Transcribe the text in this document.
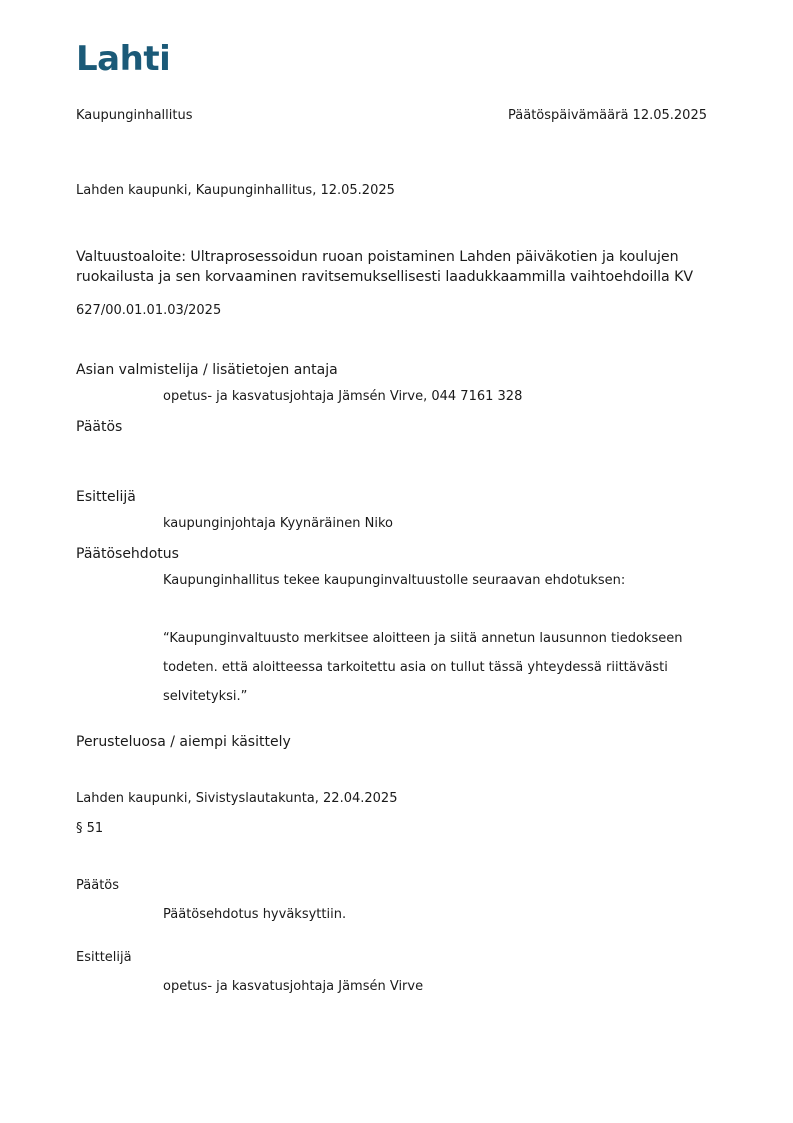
Lahti
Kaupunginhallitus	Päätöspäivämäärä 12.05.2025
Lahden kaupunki, Kaupunginhallitus, 12.05.2025
Valtuustoaloite: Ultraprosessoidun ruoan poistaminen Lahden päiväkotien ja koulujen
ruokailusta ja sen korvaaminen ravitsemuksellisesti laadukkaammilla vaihtoehdoilla KV
627/00.01.01.03/2025
Asian valmistelija / lisätietojen antaja
opetus- ja kasvatusjohtaja Jämsén Virve, 044 7161 328
Päätös
Esittelijä
kaupunginjohtaja Kyynäräinen Niko
Päätösehdotus
Kaupunginhallitus tekee kaupunginvaltuustolle seuraavan ehdotuksen:
“Kaupunginvaltuusto merkitsee aloitteen ja siitä annetun lausunnon tiedokseen
todeten. että aloitteessa tarkoitettu asia on tullut tässä yhteydessä riittävästi
selvitetyksi.”
Perusteluosa / aiempi käsittely
Lahden kaupunki, Sivistyslautakunta, 22.04.2025
§ 51
Päätös
Päätösehdotus hyväksyttiin.
Esittelijä
opetus- ja kasvatusjohtaja Jämsén Virve
